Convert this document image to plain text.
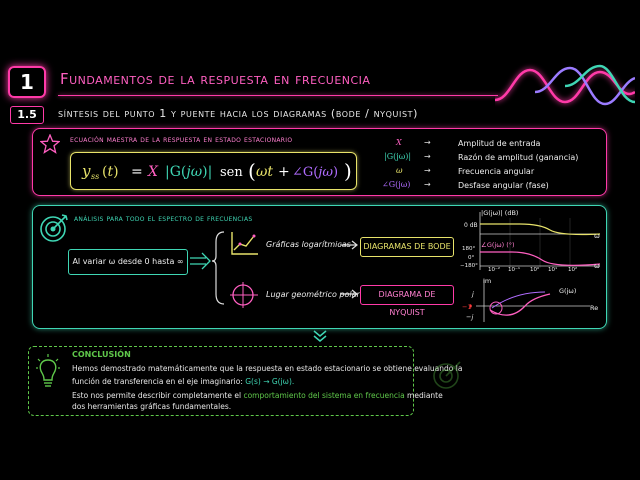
1	Fundamentos de la respuesta en frecuencia
1.5	síntesis del punto 1 y puente hacia los diagramas (bode / nyquist)
ecuación maestra de la respuesta en estado estacionario
y ss (t) = X |G(jω)| sen ( ωt + ∠G(jω) )
X	→	Amplitud de entrada
|G(jω)| →	Razón de amplitud (ganancia)
ω	→	Frecuencia angular
∠G(jω) →	Desfase angular (fase)
análisis para todo el espectro de frecuencias
Al variar ω desde 0 hasta ∞
Gráficas logarítmicas	DIAGRAMAS DE BODE
Lugar geométrico polar	DIAGRAMA DE NYQUIST
|G(jω)| (dB)
0 dB
ω
∠G(jω) (°)
180°
0°
−180°	ω
10⁻² 10⁻¹ 10⁰ 10¹ 10²
Im
Re
j
−1
−j
G(jω)
CONCLUSIÓN
Hemos demostrado matemáticamente que la respuesta en estado estacionario se obtiene evaluando la
función de transferencia en el eje imaginario: G(s) → G(jω).
Esto nos permite describir completamente el comportamiento del sistema en frecuencia mediante
dos herramientas gráficas fundamentales.
